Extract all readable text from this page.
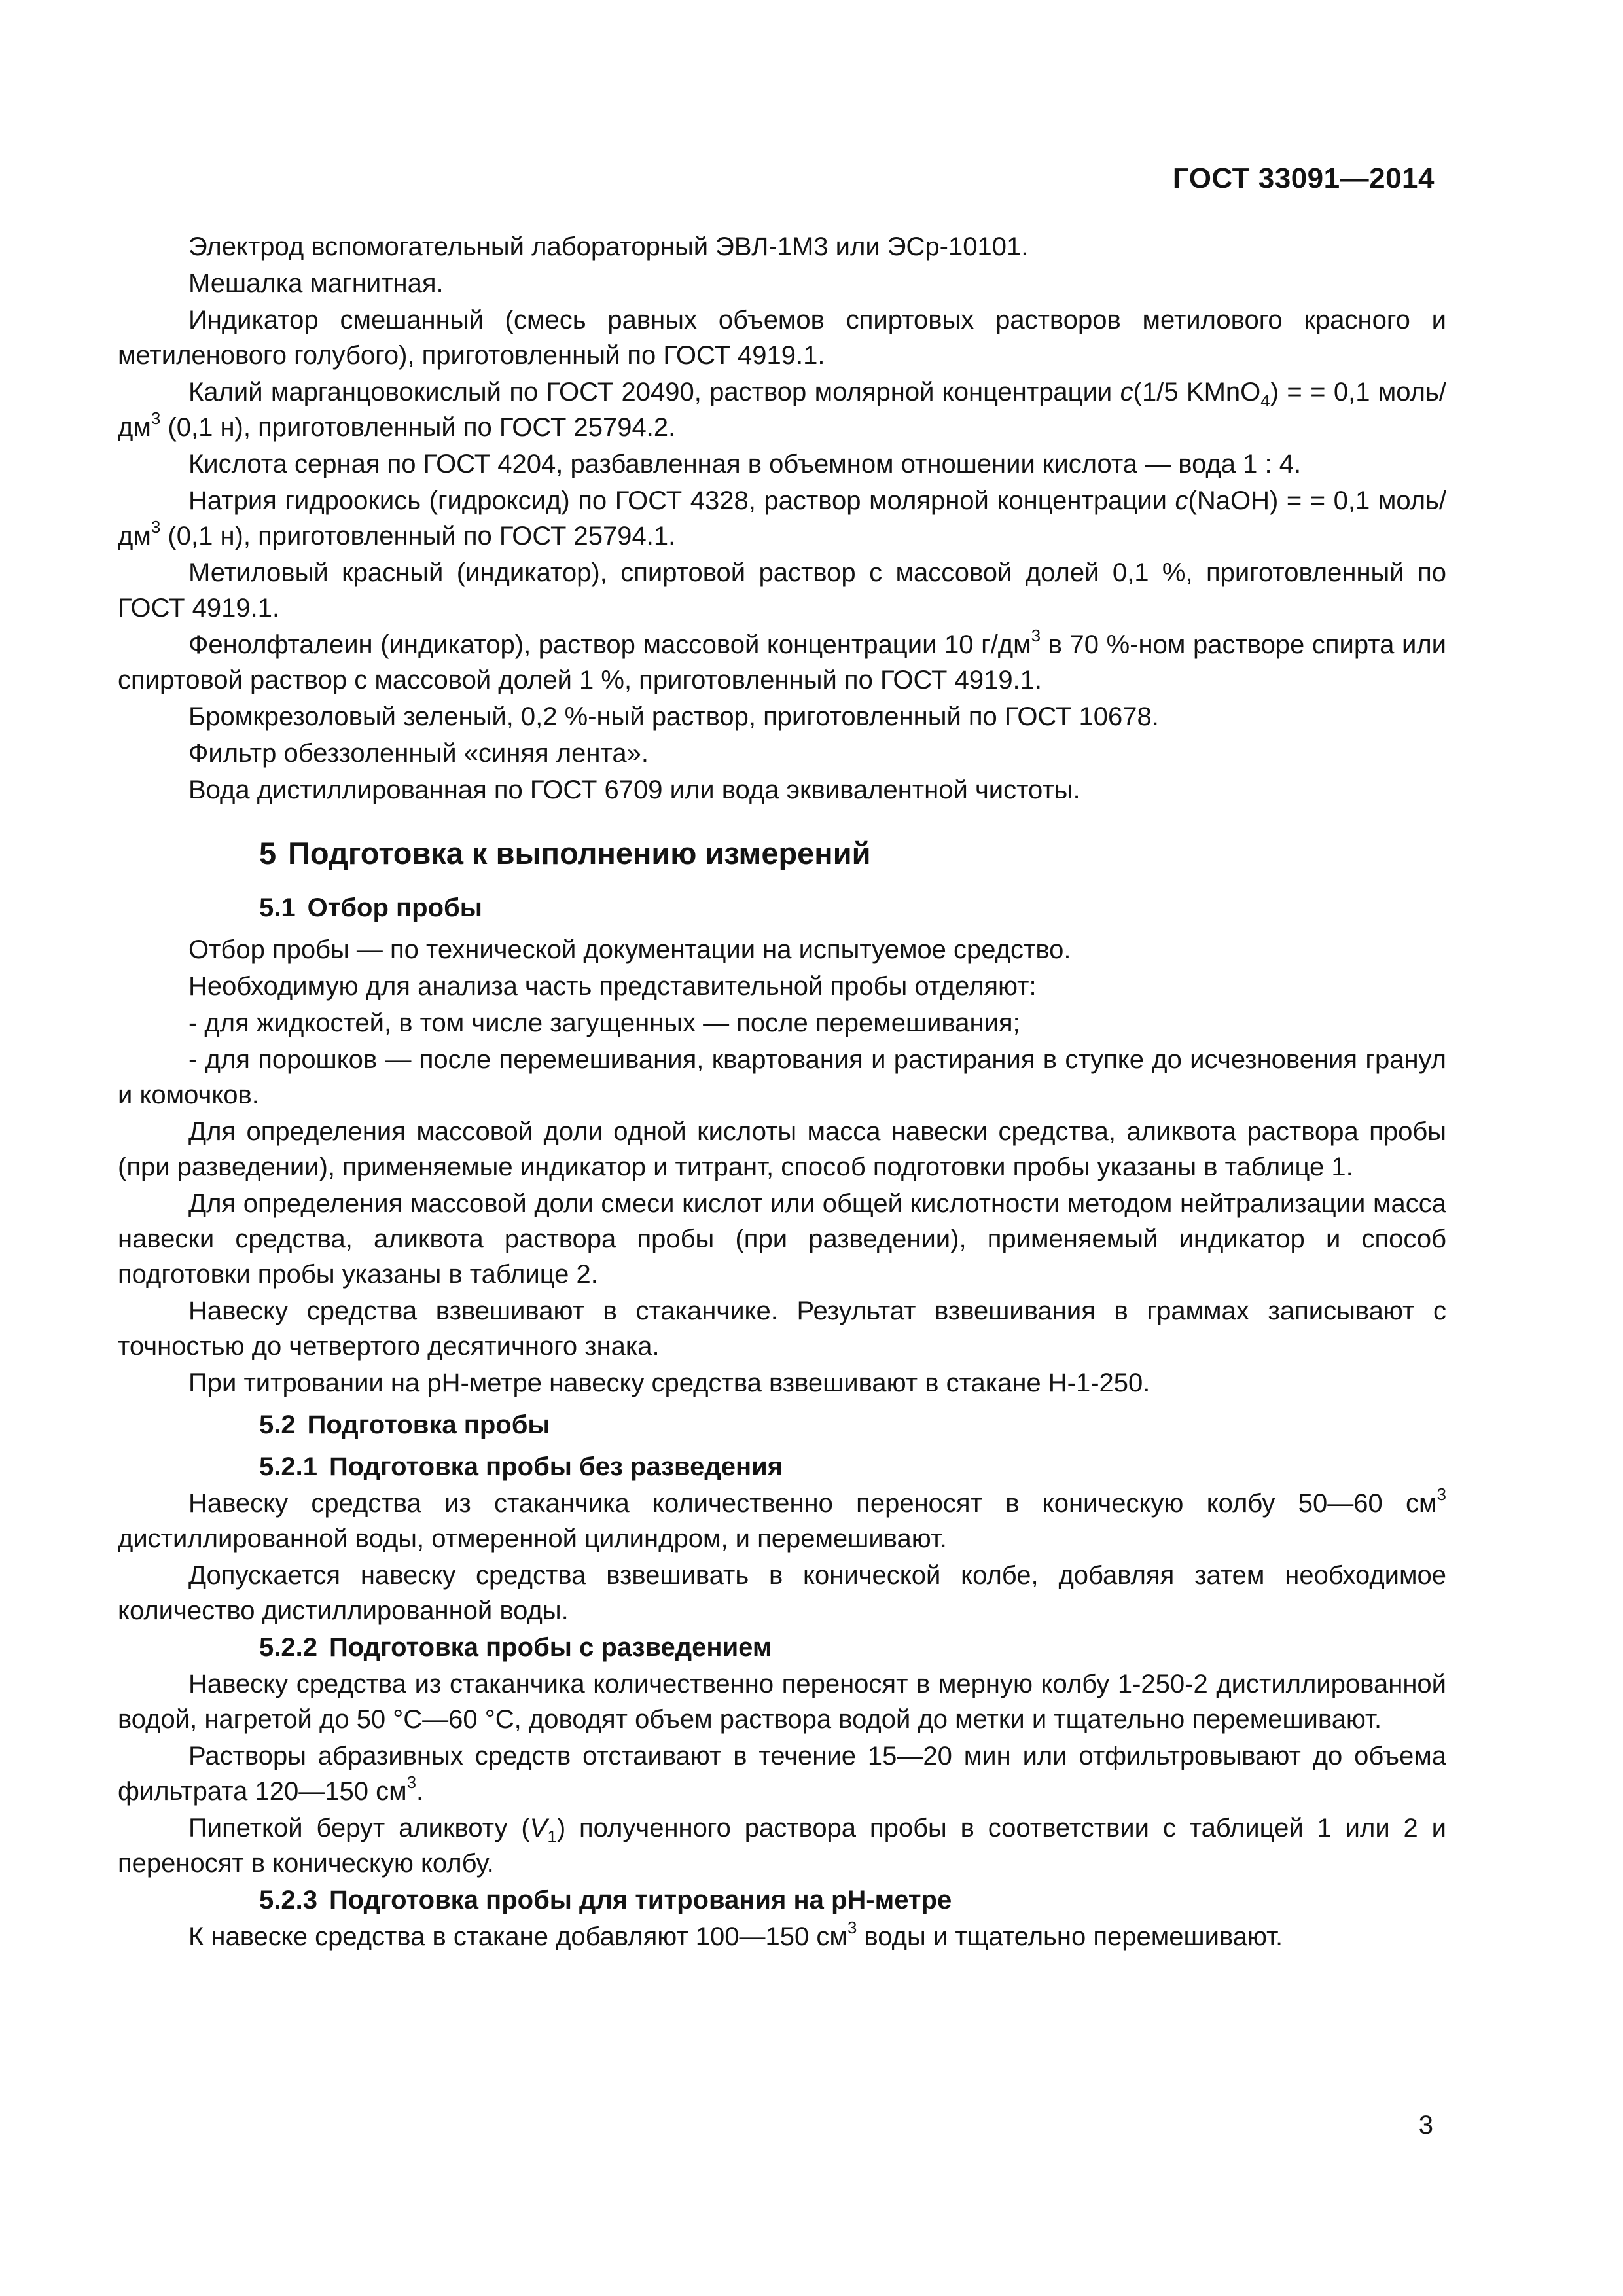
ГОСТ 33091—2014

Электрод вспомогательный лабораторный ЭВЛ-1М3 или ЭСр-10101.

Мешалка магнитная.

Индикатор смешанный (смесь равных объемов спиртовых растворов метилового красного и метиленового голубого), приготовленный по ГОСТ 4919.1.

Калий марганцовокислый по ГОСТ 20490, раствор молярной концентрации c(1/5 KMnO$_4$) = = 0,1 моль/$дм^3$ (0,1 н), приготовленный по ГОСТ 25794.2.

Кислота серная по ГОСТ 4204, разбавленная в объемном отношении кислота — вода 1 : 4.

Натрия гидроокись (гидроксид) по ГОСТ 4328, раствор молярной концентрации c(NaOH) = = 0,1 моль/$дм^3$ (0,1 н), приготовленный по ГОСТ 25794.1.

Метиловый красный (индикатор), спиртовой раствор с массовой долей 0,1 %, приготовленный по ГОСТ 4919.1.

Фенолфталеин (индикатор), раствор массовой концентрации 10 $г/дм^3$ в 70 %-ном растворе спирта или спиртовой раствор с массовой долей 1 %, приготовленный по ГОСТ 4919.1.

Бромкрезоловый зеленый, 0,2 %-ный раствор, приготовленный по ГОСТ 10678.

Фильтр обеззоленный «синяя лента».

Вода дистиллированная по ГОСТ 6709 или вода эквивалентной чистоты.

5 Подготовка к выполнению измерений

5.1 Отбор пробы

Отбор пробы — по технической документации на испытуемое средство.

Необходимую для анализа часть представительной пробы отделяют:

- для жидкостей, в том числе загущенных — после перемешивания;

- для порошков — после перемешивания, квартования и растирания в ступке до исчезновения гранул и комочков.

Для определения массовой доли одной кислоты масса навески средства, аликвота раствора пробы (при разведении), применяемые индикатор и титрант, способ подготовки пробы указаны в таблице 1.

Для определения массовой доли смеси кислот или общей кислотности методом нейтрализации масса навески средства, аликвота раствора пробы (при разведении), применяемый индикатор и способ подготовки пробы указаны в таблице 2.

Навеску средства взвешивают в стаканчике. Результат взвешивания в граммах записывают с точностью до четвертого десятичного знака.

При титровании на рН-метре навеску средства взвешивают в стакане Н-1-250.

5.2 Подготовка пробы

5.2.1 Подготовка пробы без разведения

Навеску средства из стаканчика количественно переносят в коническую колбу 50—60 $см^3$ дистиллированной воды, отмеренной цилиндром, и перемешивают.

Допускается навеску средства взвешивать в конической колбе, добавляя затем необходимое количество дистиллированной воды.

5.2.2 Подготовка пробы с разведением

Навеску средства из стаканчика количественно переносят в мерную колбу 1-250-2 дистиллированной водой, нагретой до 50 °С—60 °С, доводят объем раствора водой до метки и тщательно перемешивают.

Растворы абразивных средств отстаивают в течение 15—20 мин или отфильтровывают до объема фильтрата 120—150 $см^3$.

Пипеткой берут аликвоту $(V_1)$ полученного раствора пробы в соответствии с таблицей 1 или 2 и переносят в коническую колбу.

5.2.3 Подготовка пробы для титрования на рН-метре

К навеске средства в стакане добавляют 100—150 $см^3$ воды и тщательно перемешивают.

3
